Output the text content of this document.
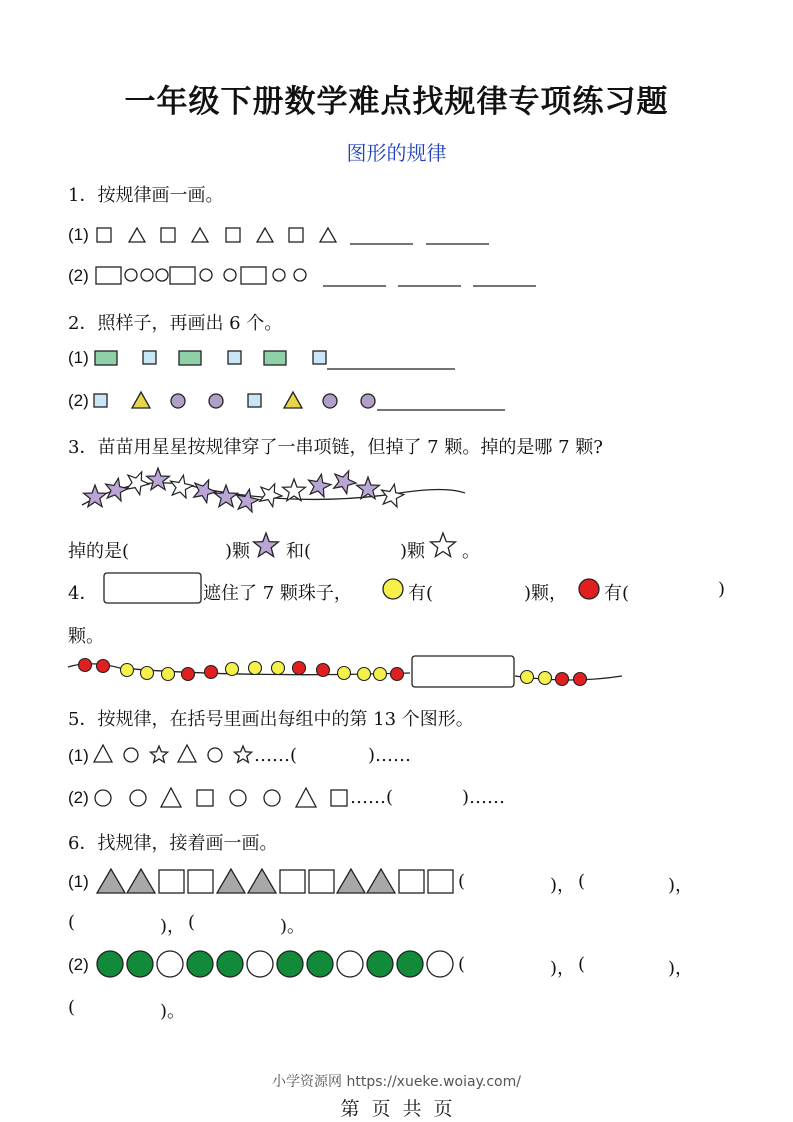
一年级下册数学难点找规律专项练习题
图形的规律
1．按规律画一画。
(1)
(2)
2．照样子，再画出 6 个。
(1)
(2)
3．苗苗用星星按规律穿了一串项链，但掉了 7 颗。掉的是哪 7 颗?
掉的是(	)颗 和(	)颗 。
4．	遮住了 7 颗珠子，	有(	)颗， 有(	)
颗。
5．按规律，在括号里画出每组中的第 13 个图形。
(1)	……(	)……
(2)	……(	)……
6．找规律，接着画一画。
(1)	(	)， (	)，
(	)， (	)。
(2)	(	)， (	)，
(	)。
小学资源网 https://xueke.woiay.com/
第 页 共 页
